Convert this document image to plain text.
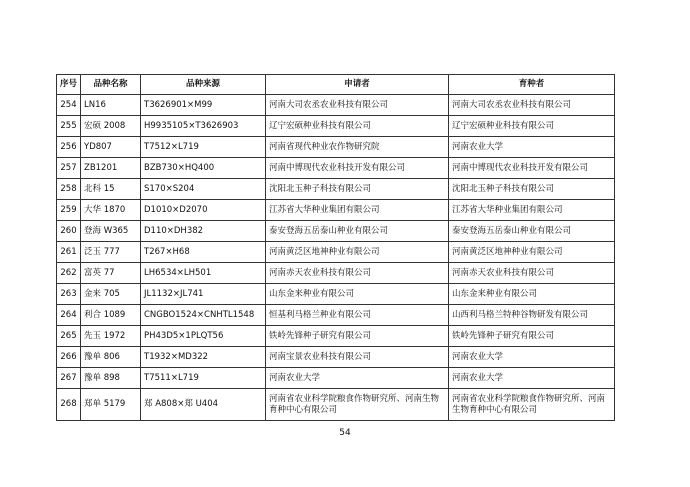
序号	品种名称	品种来源	申请者	育种者
254	LN16	T3626901×M99	河南大司农丞农业科技有限公司	河南大司农丞农业科技有限公司
255	宏硕 2008	H9935105×T3626903	辽宁宏硕种业科技有限公司	辽宁宏硕种业科技有限公司
256	YD807	T7512×L719	河南省现代种业农作物研究院	河南农业大学
257	ZB1201	BZB730×HQ400	河南中博现代农业科技开发有限公司	河南中博现代农业科技开发有限公司
258	北科 15	S170×S204	沈阳北玉种子科技有限公司	沈阳北玉种子科技有限公司
259	大华 1870	D1010×D2070	江苏省大华种业集团有限公司	江苏省大华种业集团有限公司
260	登海 W365	D110×DH382	泰安登海五岳泰山种业有限公司	泰安登海五岳泰山种业有限公司
261	泛玉 777	T267×H68	河南黄泛区地神种业有限公司	河南黄泛区地神种业有限公司
262	富英 77	LH6534×LH501	河南赤天农业科技有限公司	河南赤天农业科技有限公司
263	金来 705	JL1132×JL741	山东金来种业有限公司	山东金来种业有限公司
264	利合 1089	CNGBO1524×CNHTL1548	恒基利马格兰种业有限公司	山西利马格兰特种谷物研发有限公司
265	先玉 1972	PH43D5×1PLQT56	铁岭先锋种子研究有限公司	铁岭先锋种子研究有限公司
266	豫单 806	T1932×MD322	河南宝景农业科技有限公司	河南农业大学
267	豫单 898	T7511×L719	河南农业大学	河南农业大学
268	郑单 5179	郑 A808×郑 U404	河南省农业科学院粮食作物研究所、河南生物育种中心有限公司	河南省农业科学院粮食作物研究所、河南生物育种中心有限公司
54
